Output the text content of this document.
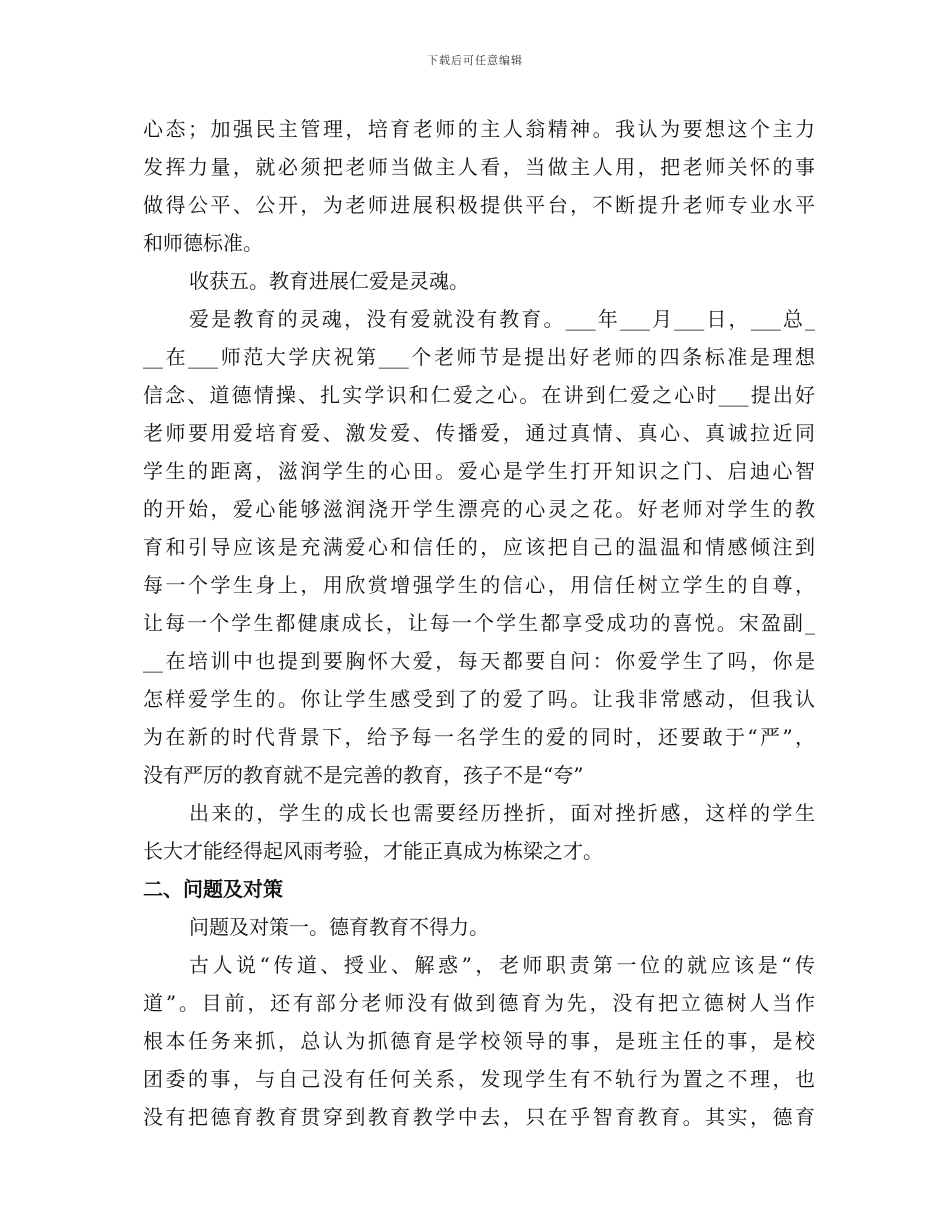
下载后可任意编辑
心态；加强民主管理，培育老师的主人翁精神。我认为要想这个主力
发挥力量，就必须把老师当做主人看，当做主人用，把老师关怀的事
做得公平、公开，为老师进展积极提供平台，不断提升老师专业水平
和师德标准。
收获五。教育进展仁爱是灵魂。
爱是教育的灵魂，没有爱就没有教育。___年___月___日，___总_
__在___师范大学庆祝第___个老师节是提出好老师的四条标准是理想
信念、道德情操、扎实学识和仁爱之心。在讲到仁爱之心时___提出好
老师要用爱培育爱、激发爱、传播爱，通过真情、真心、真诚拉近同
学生的距离，滋润学生的心田。爱心是学生打开知识之门、启迪心智
的开始，爱心能够滋润浇开学生漂亮的心灵之花。好老师对学生的教
育和引导应该是充满爱心和信任的，应该把自己的温温和情感倾注到
每一个学生身上，用欣赏增强学生的信心，用信任树立学生的自尊，
让每一个学生都健康成长，让每一个学生都享受成功的喜悦。宋盈副_
__在培训中也提到要胸怀大爱，每天都要自问：你爱学生了吗，你是
怎样爱学生的。你让学生感受到了的爱了吗。让我非常感动，但我认
为在新的时代背景下，给予每一名学生的爱的同时，还要敢于“严”，
没有严厉的教育就不是完善的教育，孩子不是“夸”
出来的，学生的成长也需要经历挫折，面对挫折感，这样的学生
长大才能经得起风雨考验，才能正真成为栋梁之才。
二、问题及对策
问题及对策一。德育教育不得力。
古人说“传道、授业、解惑”，老师职责第一位的就应该是“传
道”。目前，还有部分老师没有做到德育为先，没有把立德树人当作
根本任务来抓，总认为抓德育是学校领导的事，是班主任的事，是校
团委的事，与自己没有任何关系，发现学生有不轨行为置之不理，也
没有把德育教育贯穿到教育教学中去，只在乎智育教育。其实，德育
